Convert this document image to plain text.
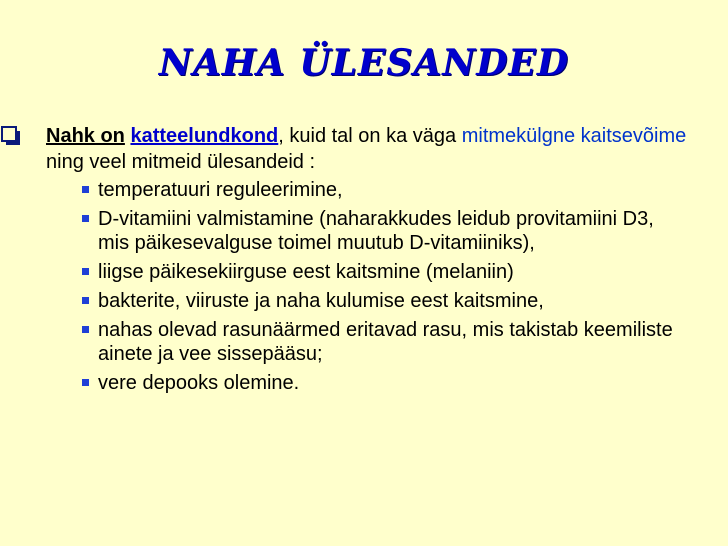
NAHA ÜLESANDED
Nahk on katteelundkond, kuid tal on ka väga mitmekülgne kaitsevõime ning veel mitmeid ülesandeid :
temperatuuri reguleerimine,
D-vitamiini valmistamine (naharakkudes leidub provitamiini D3, mis päikesevalguse toimel muutub D-vitamiiniks),
liigse päikesekiirguse eest kaitsmine (melaniin)
bakterite, viiruste ja naha kulumise eest kaitsmine,
nahas olevad rasunäärmed eritavad rasu, mis takistab keemiliste ainete ja vee sissepääsu;
vere depooks olemine.
